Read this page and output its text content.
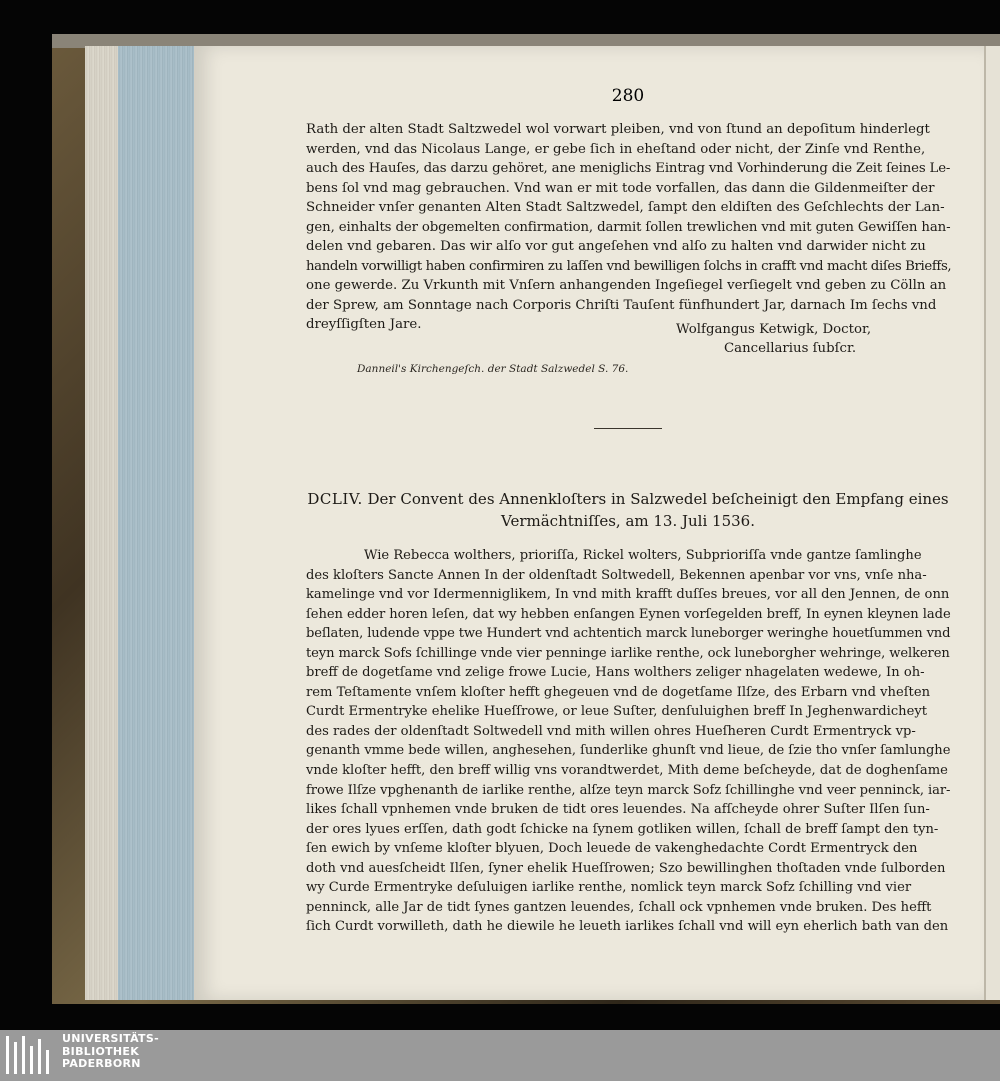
280
Rath der alten Stadt Saltzwedel wol vorwart pleiben, vnd von ſtund an depoſitum hinderlegt
werden, vnd das Nicolaus Lange, er gebe ſich in eheſtand oder nicht, der Zinſe vnd Renthe,
auch des Hauſes, das darzu gehöret, ane meniglichs Eintrag vnd Vorhinderung die Zeit ſeines Le-
bens ſol vnd mag gebrauchen. Vnd wan er mit tode vorfallen, das dann die Gildenmeiſter der
Schneider vnſer genanten Alten Stadt Saltzwedel, ſampt den eldiſten des Geſchlechts der Lan-
gen, einhalts der obgemelten confirmation, darmit ſollen trewlichen vnd mit guten Gewiſſen han-
delen vnd gebaren. Das wir alſo vor gut angeſehen vnd alſo zu halten vnd darwider nicht zu
handeln vorwilligt haben confirmiren zu laſſen vnd bewilligen ſolchs in crafft vnd macht diſes Brieffs,
one gewerde. Zu Vrkunth mit Vnſern anhangenden Ingeſiegel verſiegelt vnd geben zu Cölln an
der Sprew, am Sonntage nach Corporis Chriſti Tauſent fünfhundert Jar, darnach Im ſechs vnd
dreyſſigſten Jare.	Wolfgangus Ketwigk, Doctor,
Cancellarius ſubſcr.
Danneil's Kirchengeſch. der Stadt Salzwedel S. 76.
DCLIV. Der Convent des Annenkloſters in Salzwedel beſcheinigt den Empfang eines
Vermächtniſſes, am 13. Juli 1536.
Wie Rebecca wolthers, prioriſſa, Rickel wolters, Subprioriſſa vnde gantze ſamlinghe
des kloſters Sancte Annen In der oldenſtadt Soltwedell, Bekennen apenbar vor vns, vnſe nha-
kamelinge vnd vor Idermenniglikem, In vnd mith krafft duſſes breues, vor all den Jennen, de onn
ſehen edder horen leſen, dat wy hebben enſangen Eynen vorſegelden breff, In eynen kleynen lade
beſlaten, ludende vppe twe Hundert vnd achtentich marck luneborger weringhe houetſummen vnd
teyn marck Sofs ſchillinge vnde vier penninge iarlike renthe, ock luneborgher wehringe, welkeren
breff de dogetſame vnd zelige frowe Lucie, Hans wolthers zeliger nhagelaten wedewe, In oh-
rem Teſtamente vnſem kloſter hefft ghegeuen vnd de dogetſame Ilſze, des Erbarn vnd vheſten
Curdt Ermentryke ehelike Hueſſrowe, or leue Suſter, denſuluighen breff In Jeghenwardicheyt
des rades der oldenſtadt Soltwedell vnd mith willen ohres Hueſheren Curdt Ermentryck vp-
genanth vmme bede willen, anghesehen, ſunderlike ghunſt vnd lieue, de ſzie tho vnſer ſamlunghe
vnde kloſter hefft, den breff willig vns vorandtwerdet, Mith deme beſcheyde, dat de doghenſame
frowe Ilſze vpghenanth de iarlike renthe, alſze teyn marck Sofz ſchillinghe vnd veer penninck, iar-
likes ſchall vpnhemen vnde bruken de tidt ores leuendes. Na afſcheyde ohrer Suſter Ilſen ſun-
der ores lyues erſſen, dath godt ſchicke na ſynem gotliken willen, ſchall de breff ſampt den tyn-
ſen ewich by vnſeme kloſter blyuen, Doch leuede de vakenghedachte Cordt Ermentryck den
doth vnd auesſcheidt Ilſen, ſyner ehelik Hueſſrowen; Szo bewillinghen thoſtaden vnde ſulborden
wy Curde Ermentryke deſuluigen iarlike renthe, nomlick teyn marck Sofz ſchilling vnd vier
penninck, alle Jar de tidt ſynes gantzen leuendes, ſchall ock vpnhemen vnde bruken. Des hefft
ſich Curdt vorwilleth, dath he diewile he leueth iarlikes ſchall vnd will eyn eherlich bath van den
UNIVERSITÄTS-
BIBLIOTHEK
PADERBORN
